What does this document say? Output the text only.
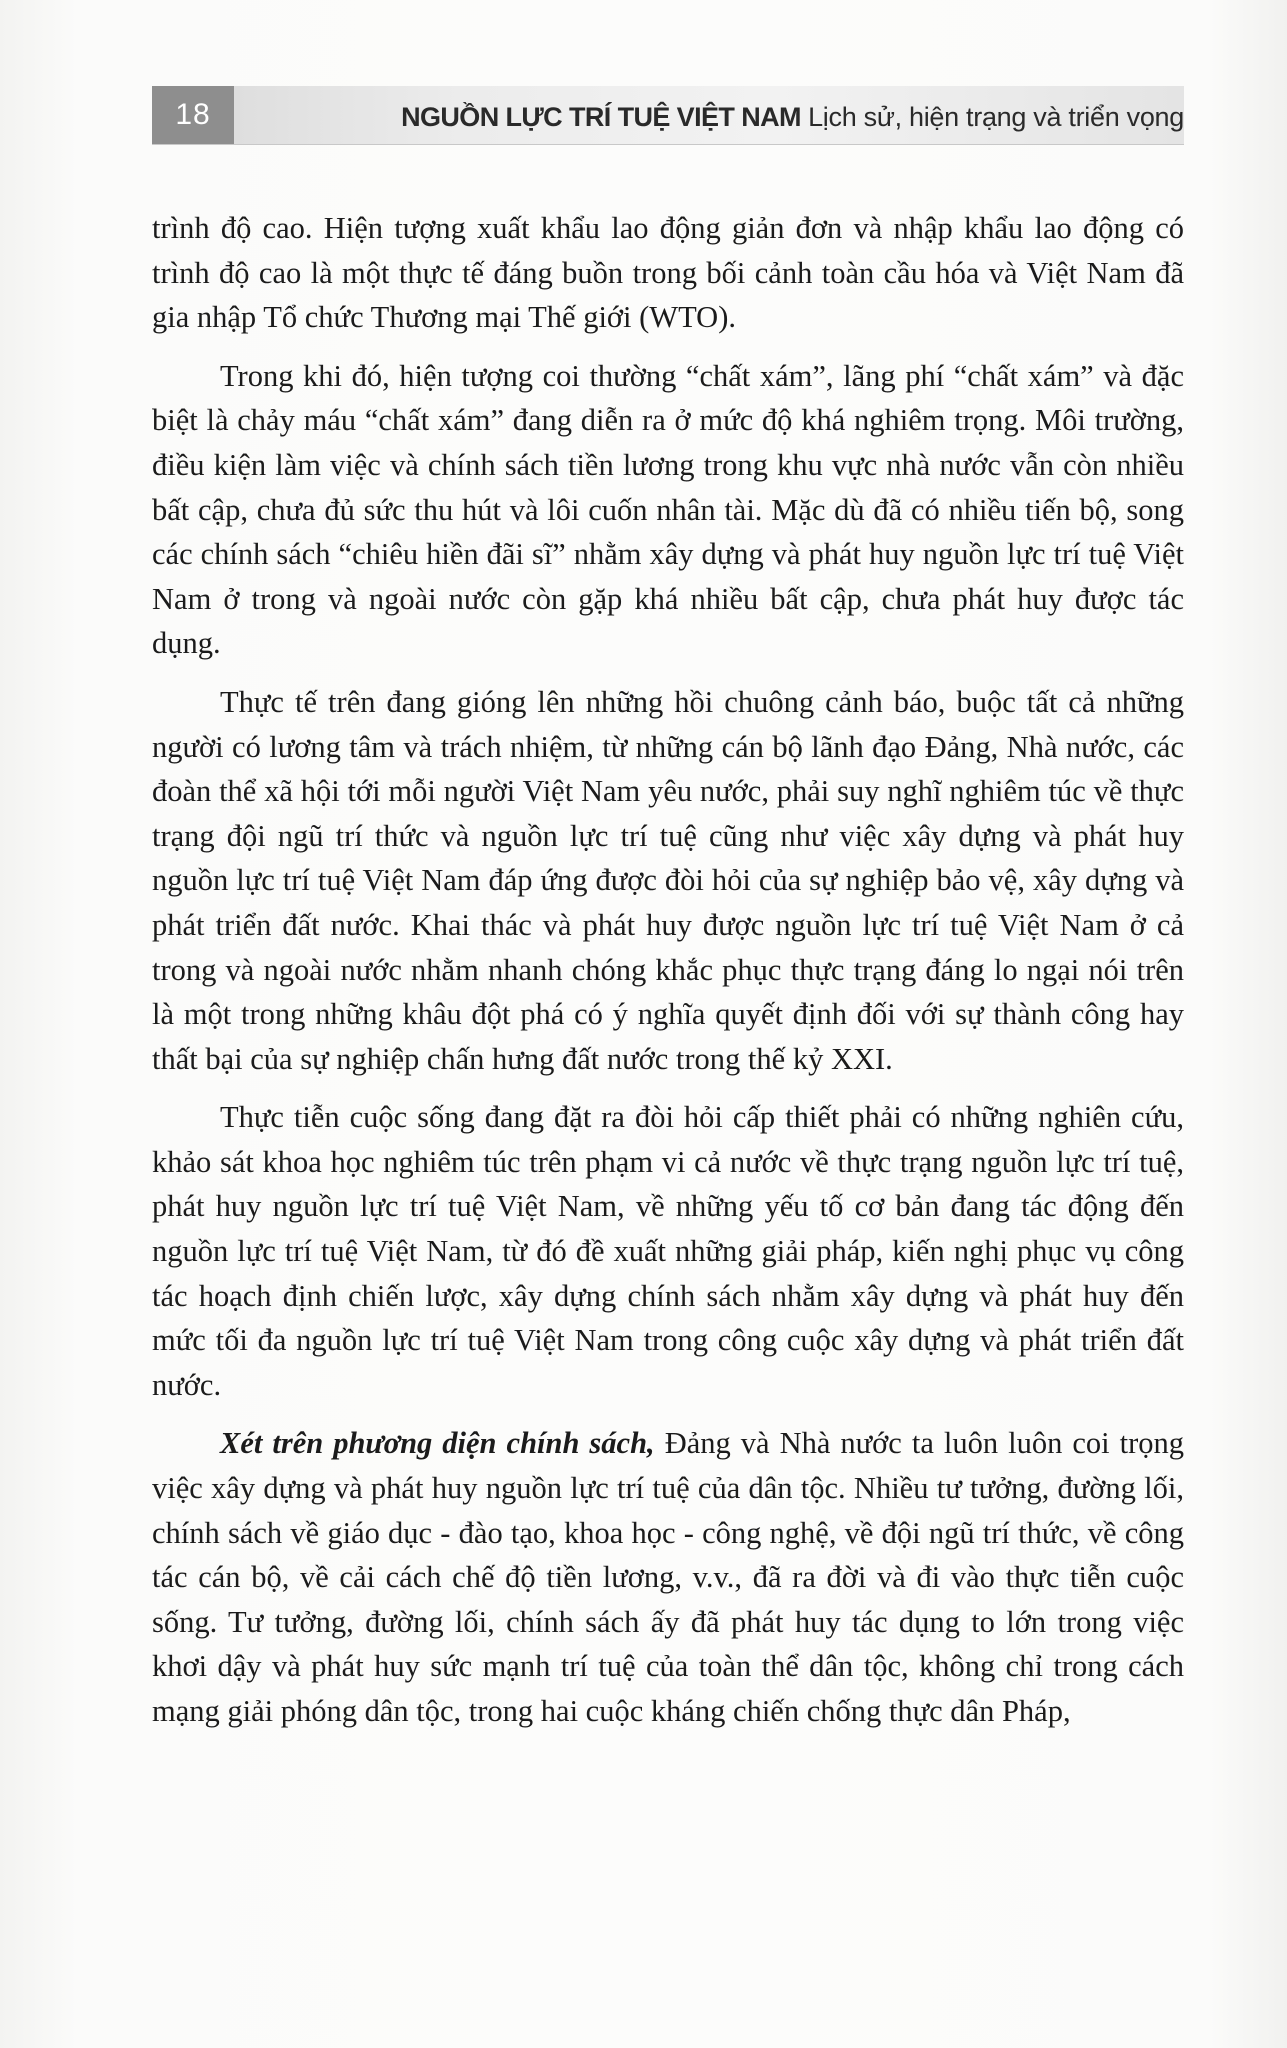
18	NGUỒN LỰC TRÍ TUỆ VIỆT NAM Lịch sử, hiện trạng và triển vọng

trình độ cao. Hiện tượng xuất khẩu lao động giản đơn và nhập khẩu lao động có trình độ cao là một thực tế đáng buồn trong bối cảnh toàn cầu hóa và Việt Nam đã gia nhập Tổ chức Thương mại Thế giới (WTO).

Trong khi đó, hiện tượng coi thường “chất xám”, lãng phí “chất xám” và đặc biệt là chảy máu “chất xám” đang diễn ra ở mức độ khá nghiêm trọng. Môi trường, điều kiện làm việc và chính sách tiền lương trong khu vực nhà nước vẫn còn nhiều bất cập, chưa đủ sức thu hút và lôi cuốn nhân tài. Mặc dù đã có nhiều tiến bộ, song các chính sách “chiêu hiền đãi sĩ” nhằm xây dựng và phát huy nguồn lực trí tuệ Việt Nam ở trong và ngoài nước còn gặp khá nhiều bất cập, chưa phát huy được tác dụng.

Thực tế trên đang gióng lên những hồi chuông cảnh báo, buộc tất cả những người có lương tâm và trách nhiệm, từ những cán bộ lãnh đạo Đảng, Nhà nước, các đoàn thể xã hội tới mỗi người Việt Nam yêu nước, phải suy nghĩ nghiêm túc về thực trạng đội ngũ trí thức và nguồn lực trí tuệ cũng như việc xây dựng và phát huy nguồn lực trí tuệ Việt Nam đáp ứng được đòi hỏi của sự nghiệp bảo vệ, xây dựng và phát triển đất nước. Khai thác và phát huy được nguồn lực trí tuệ Việt Nam ở cả trong và ngoài nước nhằm nhanh chóng khắc phục thực trạng đáng lo ngại nói trên là một trong những khâu đột phá có ý nghĩa quyết định đối với sự thành công hay thất bại của sự nghiệp chấn hưng đất nước trong thế kỷ XXI.

Thực tiễn cuộc sống đang đặt ra đòi hỏi cấp thiết phải có những nghiên cứu, khảo sát khoa học nghiêm túc trên phạm vi cả nước về thực trạng nguồn lực trí tuệ, phát huy nguồn lực trí tuệ Việt Nam, về những yếu tố cơ bản đang tác động đến nguồn lực trí tuệ Việt Nam, từ đó đề xuất những giải pháp, kiến nghị phục vụ công tác hoạch định chiến lược, xây dựng chính sách nhằm xây dựng và phát huy đến mức tối đa nguồn lực trí tuệ Việt Nam trong công cuộc xây dựng và phát triển đất nước.

Xét trên phương diện chính sách, Đảng và Nhà nước ta luôn luôn coi trọng việc xây dựng và phát huy nguồn lực trí tuệ của dân tộc. Nhiều tư tưởng, đường lối, chính sách về giáo dục - đào tạo, khoa học - công nghệ, về đội ngũ trí thức, về công tác cán bộ, về cải cách chế độ tiền lương, v.v., đã ra đời và đi vào thực tiễn cuộc sống. Tư tưởng, đường lối, chính sách ấy đã phát huy tác dụng to lớn trong việc khơi dậy và phát huy sức mạnh trí tuệ của toàn thể dân tộc, không chỉ trong cách mạng giải phóng dân tộc, trong hai cuộc kháng chiến chống thực dân Pháp,
